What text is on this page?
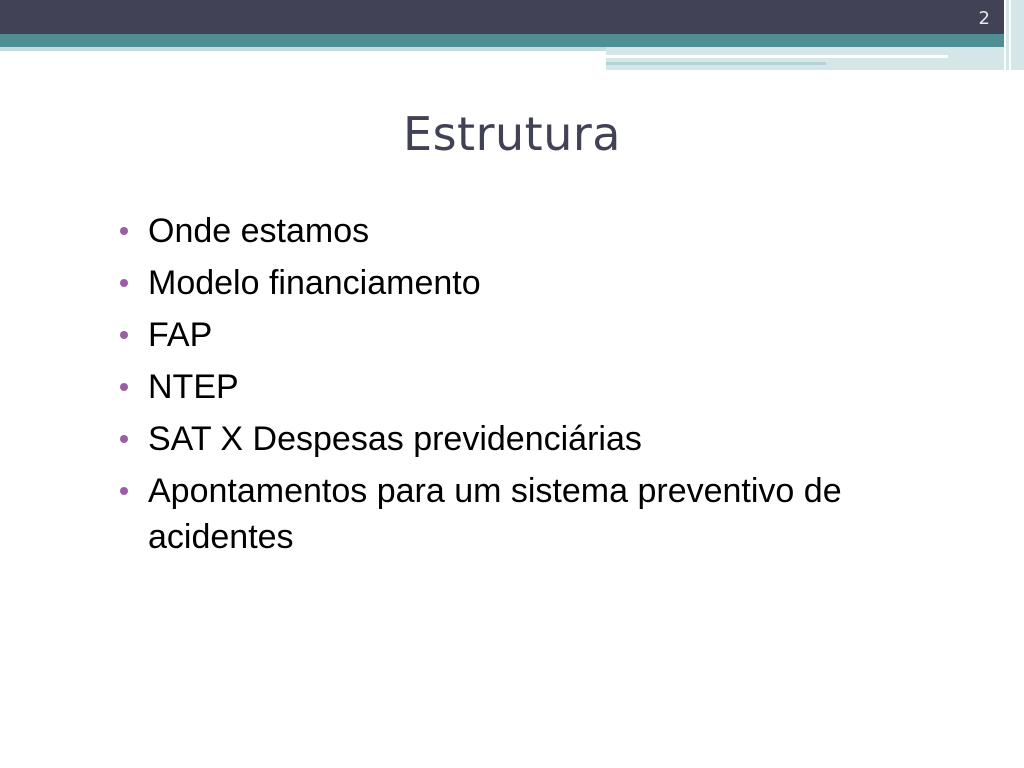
2
Estrutura
Onde estamos
Modelo financiamento
FAP
NTEP
SAT X Despesas previdenciárias
Apontamentos para um sistema preventivo de acidentes
